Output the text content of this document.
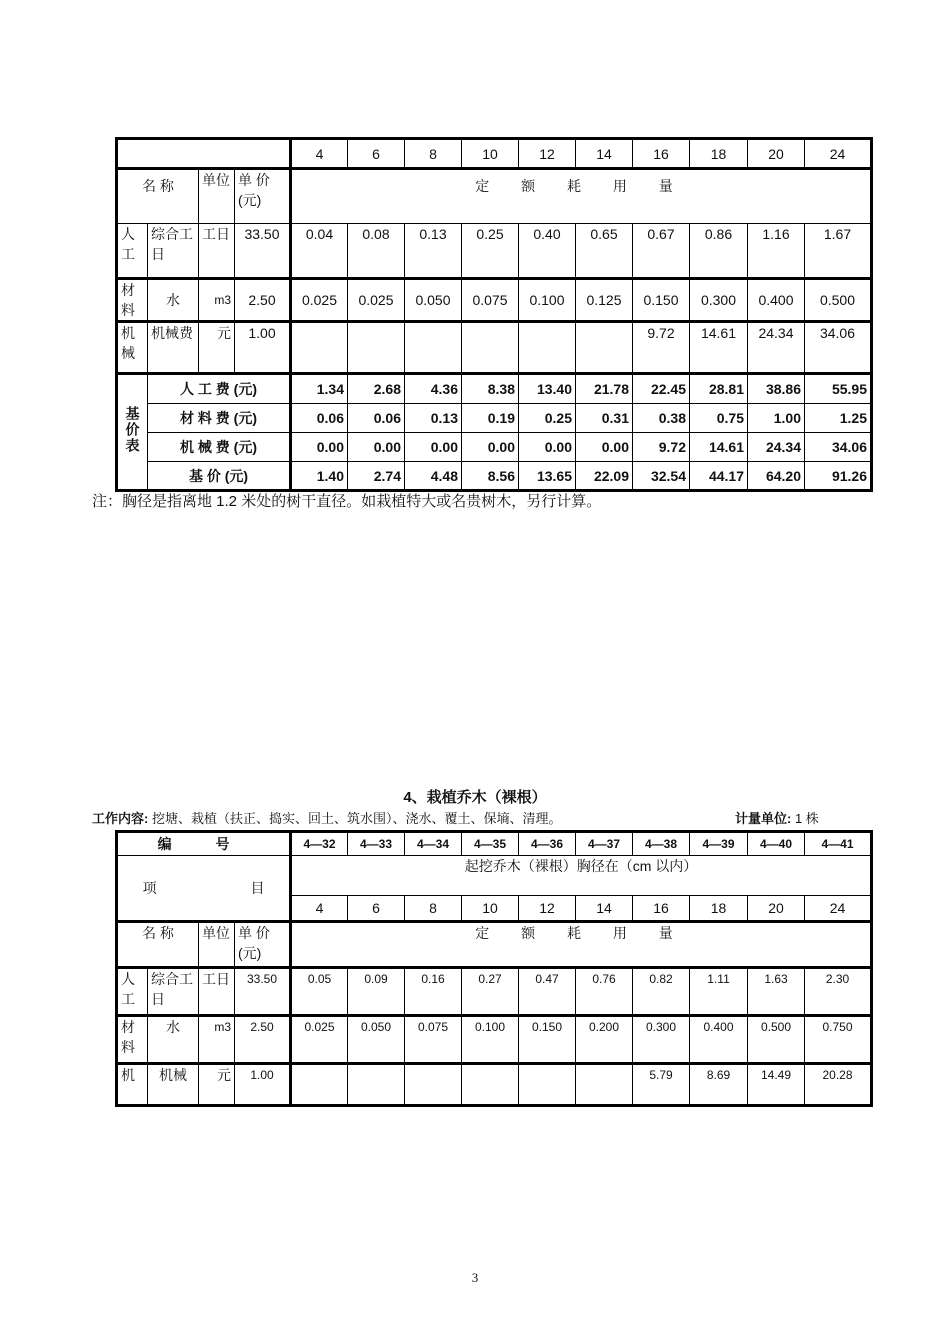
				4	6	8	10	12	14	16	18	20	24
名 称		单位	单 价(元)	定 额 耗 用 量									
人工	综合工日	工日	33.50	0.04	0.08	0.13	0.25	0.40	0.65	0.67	0.86	1.16	1.67
材料	水	m3	2.50	0.025	0.025	0.050	0.075	0.100	0.125	0.150	0.300	0.400	0.500
机械	机械费	元	1.00							9.72	14.61	24.34	34.06
基价表	人 工 费 (元)			1.34	2.68	4.36	8.38	13.40	21.78	22.45	28.81	38.86	55.95
	材 料 费 (元)			0.06	0.06	0.13	0.19	0.25	0.31	0.38	0.75	1.00	1.25
	机 械 费 (元)			0.00	0.00	0.00	0.00	0.00	0.00	9.72	14.61	24.34	34.06
	基 价 (元)			1.40	2.74	4.48	8.56	13.65	22.09	32.54	44.17	64.20	91.26
注：胸径是指离地 1.2 米处的树干直径。如栽植特大或名贵树木，另行计算。
4、栽植乔木（裸根）
工作内容: 挖塘、栽植（扶正、捣实、回土、筑水围）、浇水、覆土、保墒、清理。	计量单位: 1 株
编 号				4—32	4—33	4—34	4—35	4—36	4—37	4—38	4—39	4—40	4—41
项 目				起挖乔木（裸根）胸径在（cm 以内）									
				4	6	8	10	12	14	16	18	20	24
名 称		单位	单 价(元)	定 额 耗 用 量									
人工	综合工日	工日	33.50	0.05	0.09	0.16	0.27	0.47	0.76	0.82	1.11	1.63	2.30
材料	水	m3	2.50	0.025	0.050	0.075	0.100	0.150	0.200	0.300	0.400	0.500	0.750
机	机械	元	1.00							5.79	8.69	14.49	20.28
3
